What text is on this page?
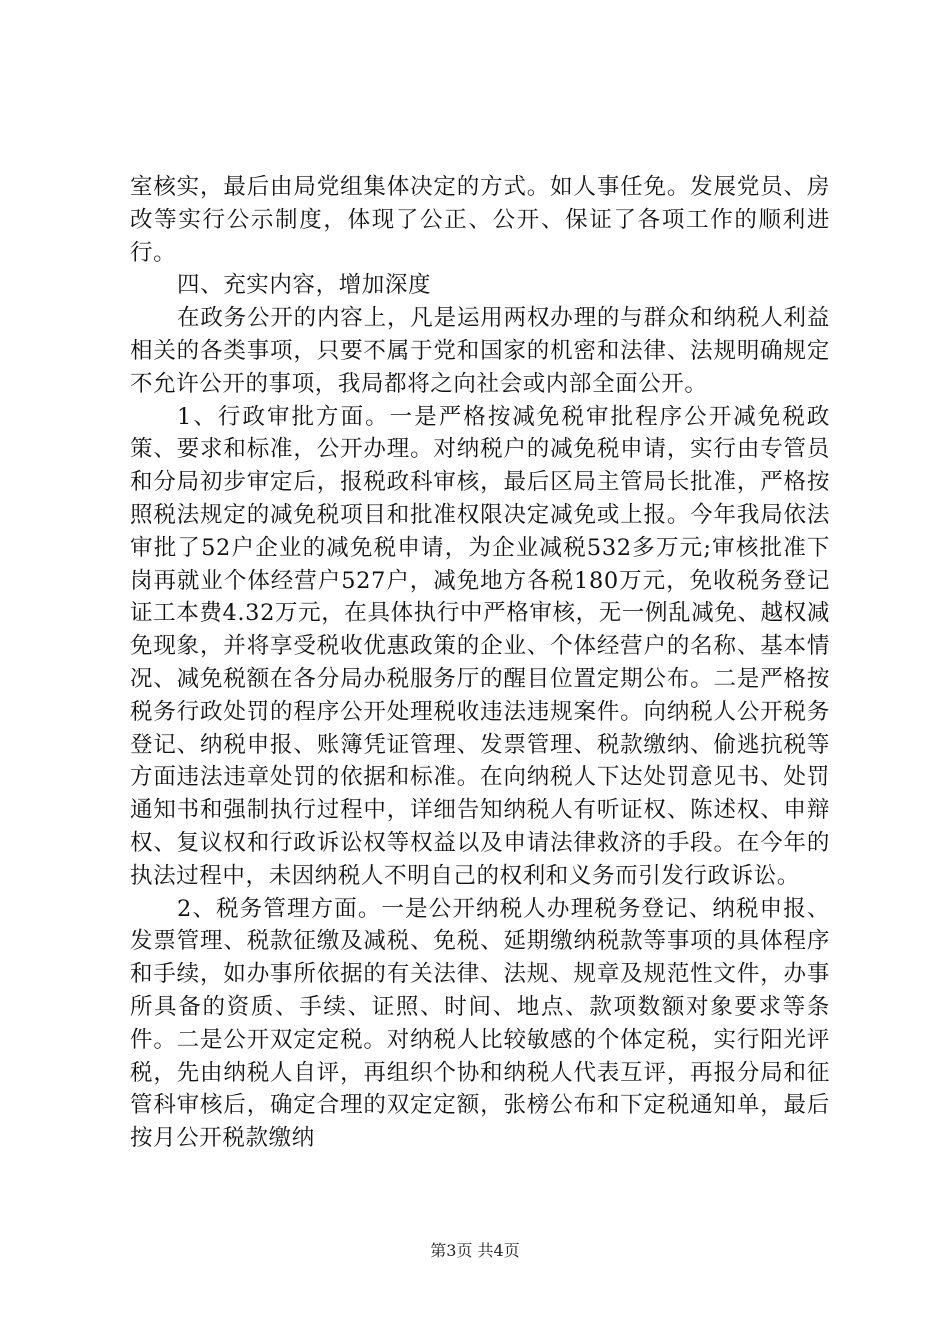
室核实，最后由局党组集体决定的方式。如人事任免。发展党员、房改等实行公示制度，体现了公正、公开、保证了各项工作的顺利进行。

四、充实内容，增加深度

在政务公开的内容上，凡是运用两权办理的与群众和纳税人利益相关的各类事项，只要不属于党和国家的机密和法律、法规明确规定不允许公开的事项，我局都将之向社会或内部全面公开。

1、行政审批方面。一是严格按减免税审批程序公开减免税政策、要求和标准，公开办理。对纳税户的减免税申请，实行由专管员和分局初步审定后，报税政科审核，最后区局主管局长批准，严格按照税法规定的减免税项目和批准权限决定减免或上报。今年我局依法审批了52户企业的减免税申请，为企业减税532多万元;审核批准下岗再就业个体经营户527户，减免地方各税180万元，免收税务登记证工本费4.32万元，在具体执行中严格审核，无一例乱减免、越权减免现象，并将享受税收优惠政策的企业、个体经营户的名称、基本情况、减免税额在各分局办税服务厅的醒目位置定期公布。二是严格按税务行政处罚的程序公开处理税收违法违规案件。向纳税人公开税务登记、纳税申报、账簿凭证管理、发票管理、税款缴纳、偷逃抗税等方面违法违章处罚的依据和标准。在向纳税人下达处罚意见书、处罚通知书和强制执行过程中，详细告知纳税人有听证权、陈述权、申辩权、复议权和行政诉讼权等权益以及申请法律救济的手段。在今年的执法过程中，未因纳税人不明自己的权利和义务而引发行政诉讼。

2、税务管理方面。一是公开纳税人办理税务登记、纳税申报、发票管理、税款征缴及减税、免税、延期缴纳税款等事项的具体程序和手续，如办事所依据的有关法律、法规、规章及规范性文件，办事所具备的资质、手续、证照、时间、地点、款项数额对象要求等条件。二是公开双定定税。对纳税人比较敏感的个体定税，实行阳光评税，先由纳税人自评，再组织个协和纳税人代表互评，再报分局和征管科审核后，确定合理的双定定额，张榜公布和下定税通知单，最后按月公开税款缴纳

第3页 共4页
